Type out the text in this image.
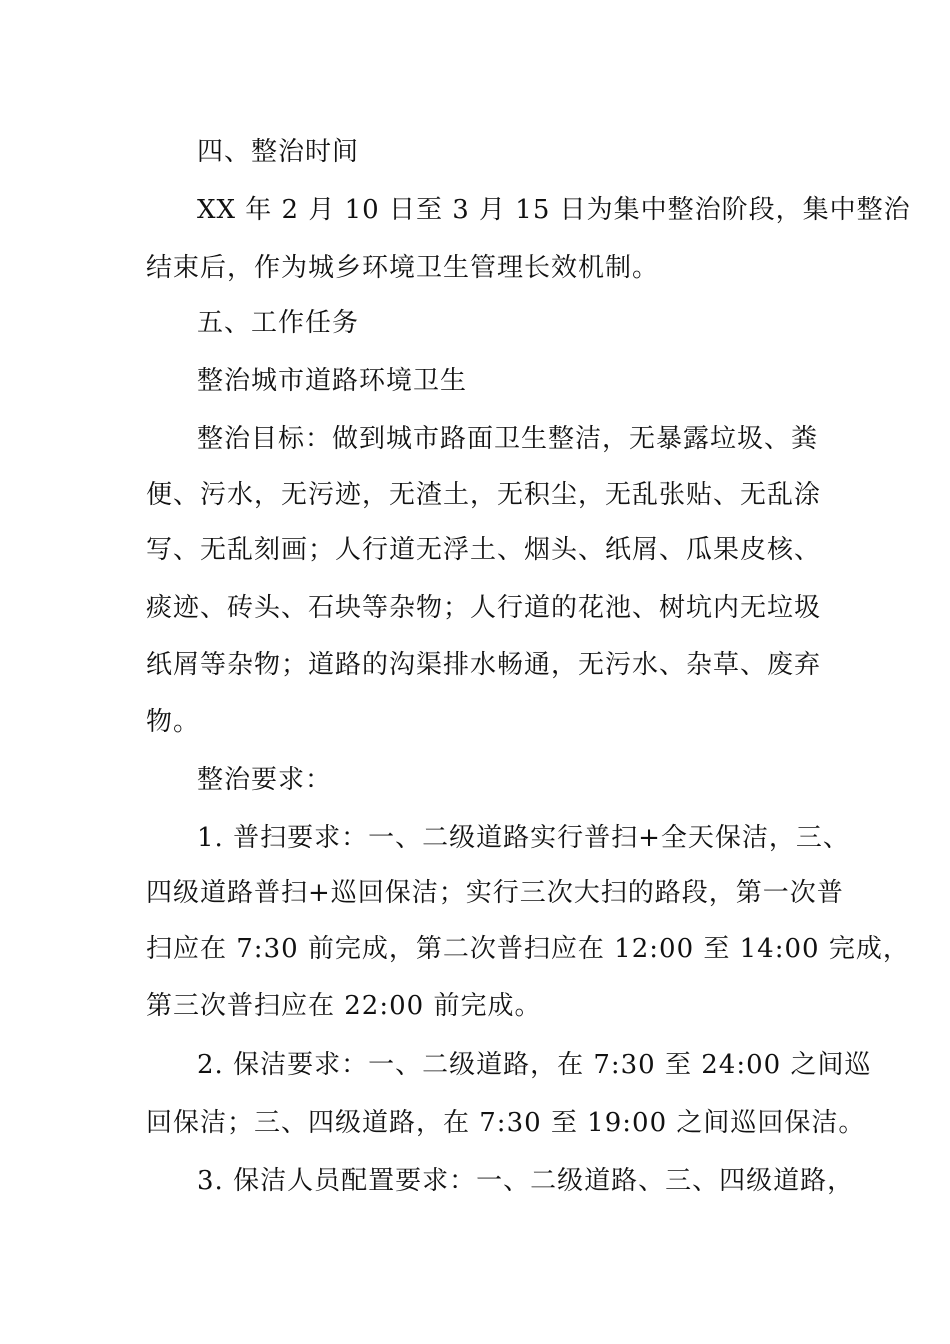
四、整治时间

XX 年 2 月 10 日至 3 月 15 日为集中整治阶段，集中整治

结束后，作为城乡环境卫生管理长效机制。

五、工作任务

整治城市道路环境卫生

整治目标：做到城市路面卫生整洁，无暴露垃圾、粪

便、污水，无污迹，无渣土，无积尘，无乱张贴、无乱涂

写、无乱刻画；人行道无浮土、烟头、纸屑、瓜果皮核、

痰迹、砖头、石块等杂物；人行道的花池、树坑内无垃圾

纸屑等杂物；道路的沟渠排水畅通，无污水、杂草、废弃

物。

整治要求：

1. 普扫要求：一、二级道路实行普扫+全天保洁，三、

四级道路普扫+巡回保洁；实行三次大扫的路段，第一次普

扫应在 7:30 前完成，第二次普扫应在 12:00 至 14:00 完成，

第三次普扫应在 22:00 前完成。

2. 保洁要求：一、二级道路，在 7:30 至 24:00 之间巡

回保洁；三、四级道路，在 7:30 至 19:00 之间巡回保洁。

3. 保洁人员配置要求：一、二级道路、三、四级道路，
